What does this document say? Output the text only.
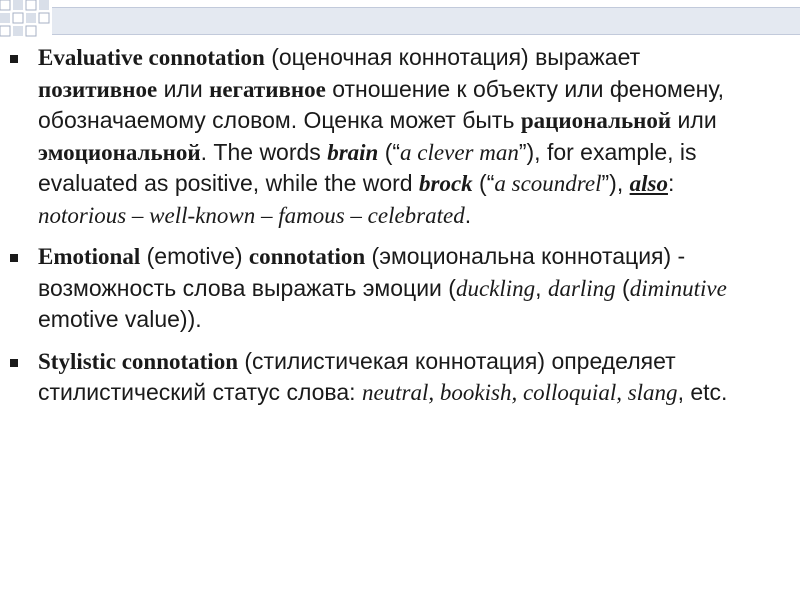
Evaluative connotation (оценочная коннотация) выражает позитивное или негативное отношение к объекту или феномену, обозначаемому словом. Оценка может быть рациональной или эмоциональной. The words brain (“a clever man”), for example, is evaluated as positive, while the word brock (“a scoundrel”), also: notorious – well-known – famous – celebrated.
Emotional (emotive) connotation (эмоциональна коннотация) - возможность слова выражать эмоции (duckling, darling (diminutive emotive value)).
Stylistic connotation (стилистичекая коннотация) определяет стилистический статус слова: neutral, bookish, colloquial, slang, etc.
